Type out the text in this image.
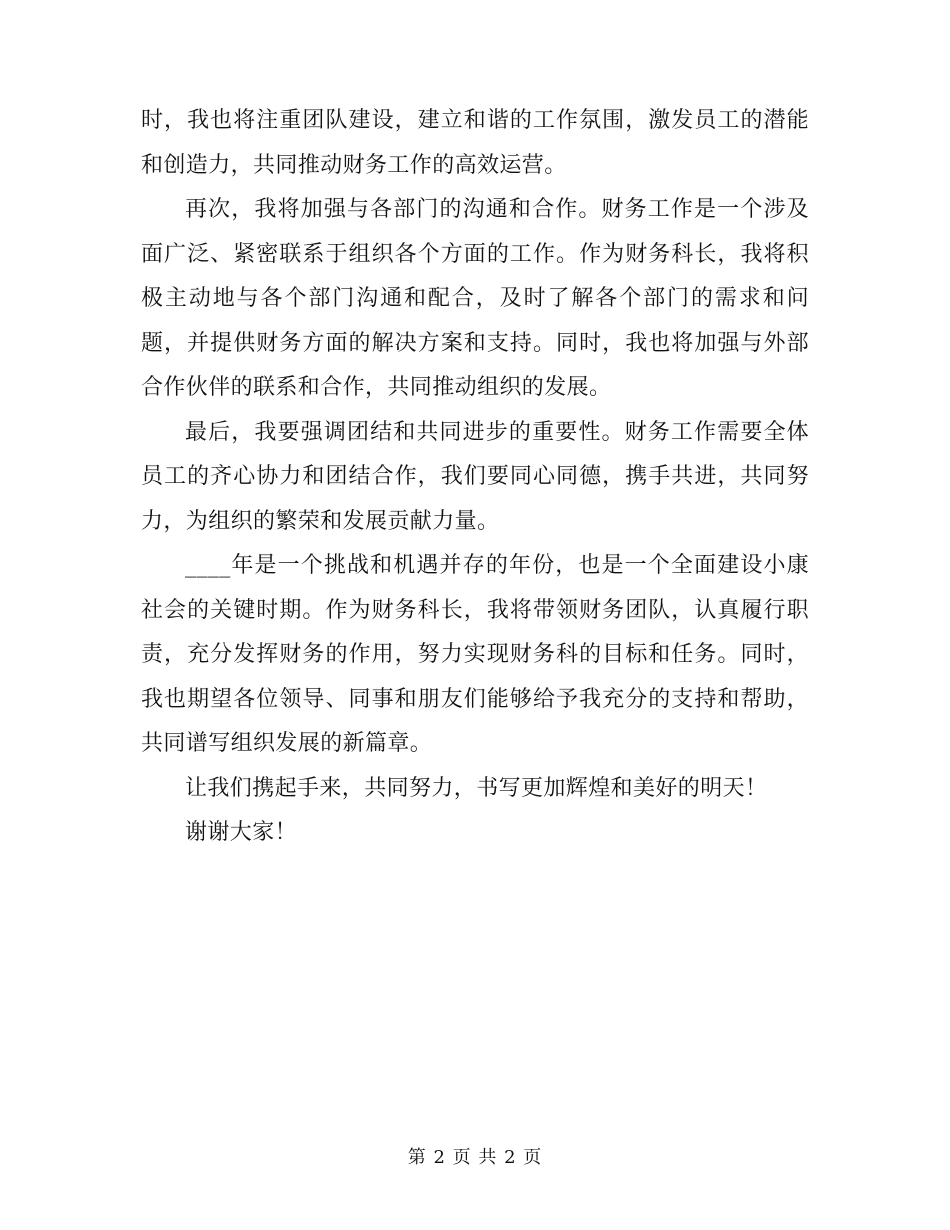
时，我也将注重团队建设，建立和谐的工作氛围，激发员工的潜能和创造力，共同推动财务工作的高效运营。

再次，我将加强与各部门的沟通和合作。财务工作是一个涉及面广泛、紧密联系于组织各个方面的工作。作为财务科长，我将积极主动地与各个部门沟通和配合，及时了解各个部门的需求和问题，并提供财务方面的解决方案和支持。同时，我也将加强与外部合作伙伴的联系和合作，共同推动组织的发展。

最后，我要强调团结和共同进步的重要性。财务工作需要全体员工的齐心协力和团结合作，我们要同心同德，携手共进，共同努力，为组织的繁荣和发展贡献力量。

____年是一个挑战和机遇并存的年份，也是一个全面建设小康社会的关键时期。作为财务科长，我将带领财务团队，认真履行职责，充分发挥财务的作用，努力实现财务科的目标和任务。同时，我也期望各位领导、同事和朋友们能够给予我充分的支持和帮助，共同谱写组织发展的新篇章。

让我们携起手来，共同努力，书写更加辉煌和美好的明天！

谢谢大家！

第 2 页 共 2 页
